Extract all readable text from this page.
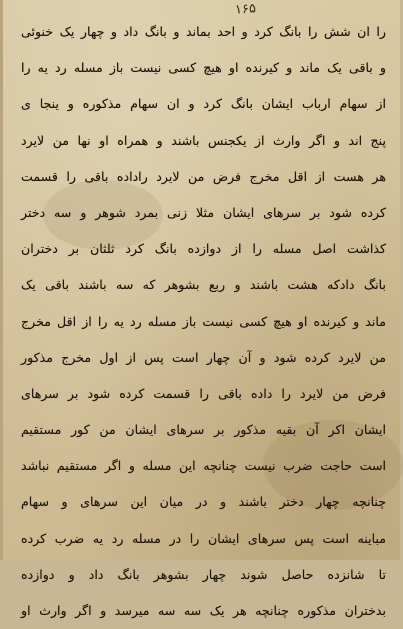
۱۶۵
را ان شش را بانگ کرد و احد بماند و بانگ داد و چهار یک خنوئی
و باقی یک ماند و کیرنده او هیچ کسی نیست باز مسله رد یه را
از سهام ارباب ایشان بانگ کرد و ان سهام مذکوره و ینجا ی
پنج اند و اگر وارث از یکجنس باشند و همراه او نها من لایرد
هر هست از اقل مخرج فرض من لایرد راداده باقی را قسمت
کرده شود بر سرهای ایشان مثلا زنی بمرد شوهر و سه دختر
کذاشت اصل مسله را از دوازده بانگ کرد ثلثان بر دختران
بانگ دادکه هشت باشند و ربع بشوهر که سه باشند باقی یک
ماند و کیرنده او هیچ کسی نیست باز مسله رد یه را از اقل مخرج
من لایرد کرده شود و آن چهار است پس از اول مخرج مذکور
فرض من لایرد را داده باقی را قسمت کرده شود بر سرهای
ایشان اکر آن بقیه مذکور بر سرهای ایشان من کور مستقیم
است حاجت ضرب نیست چنانچه این مسله و اگر مستقیم نباشد
چنانچه چهار دختر باشند و در میان این سرهای و سهام
مباینه است پس سرهای ایشان را در مسله رد یه ضرب کرده
تا شانزده حاصل شوند چهار بشوهر بانگ داد و دوازده
بدختران مذکوره چنانچه هر یک سه سه میرسد و اگر وارث او
